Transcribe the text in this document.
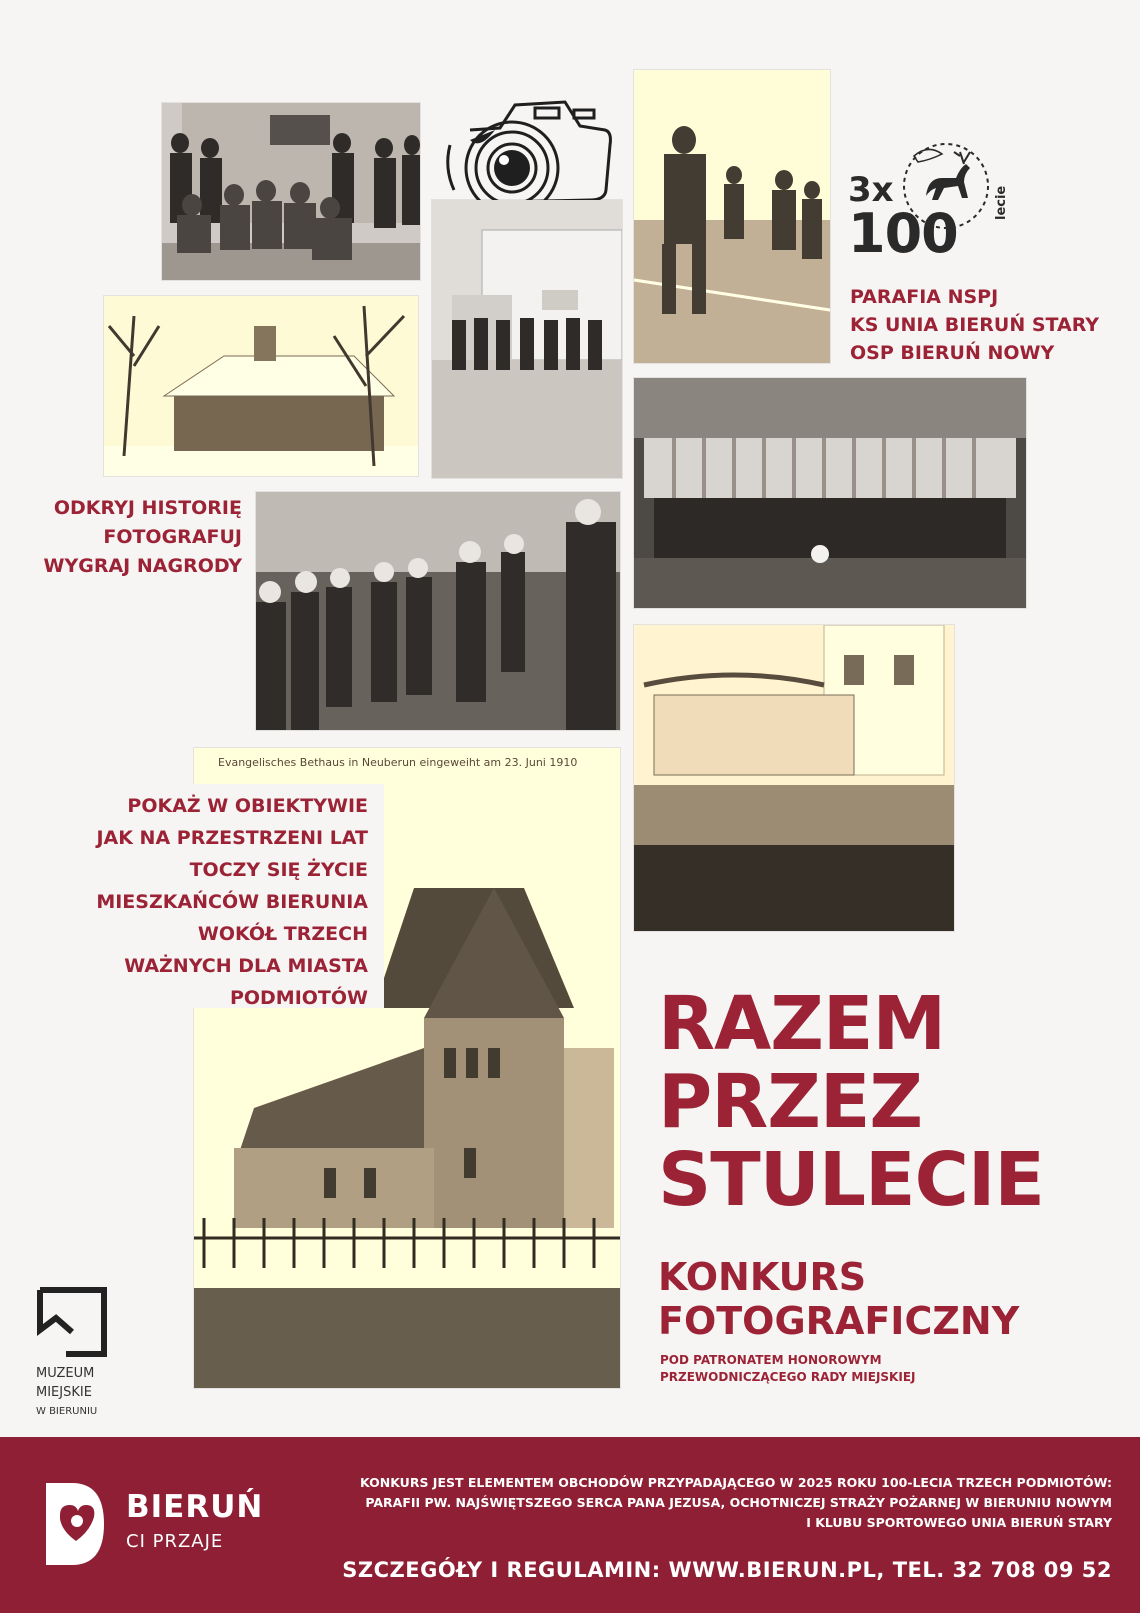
3x
100	lecie
PARAFIA NSPJ
KS UNIA BIERUŃ STARY
OSP BIERUŃ NOWY
ODKRYJ HISTORIĘ
FOTOGRAFUJ
WYGRAJ NAGRODY
Evangelisches Bethaus in Neuberun eingeweiht am 23. Juni 1910
POKAŻ W OBIEKTYWIE
JAK NA PRZESTRZENI LAT
TOCZY SIĘ ŻYCIE
MIESZKAŃCÓW BIERUNIA
WOKÓŁ TRZECH
WAŻNYCH DLA MIASTA
PODMIOTÓW	RAZEM
PRZEZ
STULECIE
KONKURS
FOTOGRAFICZNY
POD PATRONATEM HONOROWYM
PRZEWODNICZĄCEGO RADY MIEJSKIEJ
MUZEUM
MIEJSKIE
W BIERUNIU
BIERUŃ
CI PRZAJE
KONKURS JEST ELEMENTEM OBCHODÓW PRZYPADAJĄCEGO W 2025 ROKU 100-LECIA TRZECH PODMIOTÓW:
PARAFII PW. NAJŚWIĘTSZEGO SERCA PANA JEZUSA, OCHOTNICZEJ STRAŻY POŻARNEJ W BIERUNIU NOWYM
I KLUBU SPORTOWEGO UNIA BIERUŃ STARY
SZCZEGÓŁY I REGULAMIN: WWW.BIERUN.PL, TEL. 32 708 09 52
